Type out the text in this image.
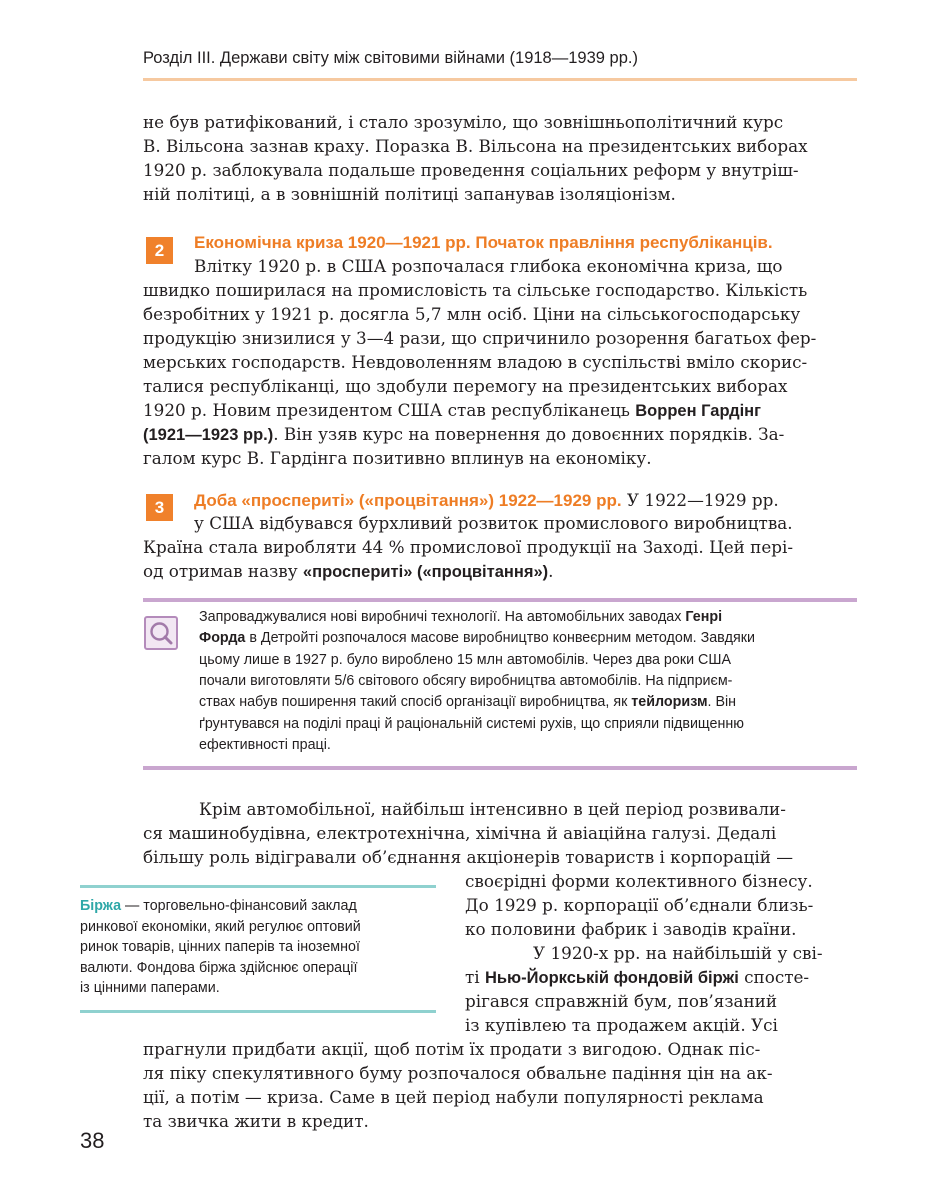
Розділ ІІІ. Держави світу між світовими війнами (1918—1939 рр.)
не був ратифікований, і стало зрозуміло, що зовнішньополітичний курс
В. Вільсона зазнав краху. Поразка В. Вільсона на президентських виборах
1920 р. заблокувала подальше проведення соціальних реформ у внутріш-
ній політиці, а в зовнішній політиці запанував ізоляціонізм.
2	Економічна криза 1920—1921 рр. Початок правління республіканців.
Влітку 1920 р. в США розпочалася глибока економічна криза, що
швидко поширилася на промисловість та сільське господарство. Кількість
безробітних у 1921 р. досягла 5,7 млн осіб. Ціни на сільськогосподарську
продукцію знизилися у 3—4 рази, що спричинило розорення багатьох фер-
мерських господарств. Невдоволенням владою в суспільстві вміло скорис-
талися республіканці, що здобули перемогу на президентських виборах
1920 р. Новим президентом США став республіканець Воррен Гардінг
(1921—1923 рр.). Він узяв курс на повернення до довоєнних порядків. За-
галом курс В. Гардінга позитивно вплинув на економіку.
3	Доба «проспериті» («процвітання») 1922—1929 рр. У 1922—1929 рр.
у США відбувався бурхливий розвиток промислового виробництва.
Країна стала виробляти 44 % промислової продукції на Заході. Цей пері-
од отримав назву «проспериті» («процвітання»).
Запроваджувалися нові виробничі технології. На автомобільних заводах Генрі
Форда в Детройті розпочалося масове виробництво конвеєрним методом. Завдяки
цьому лише в 1927 р. було вироблено 15 млн автомобілів. Через два роки США
почали виготовляти 5/6 світового обсягу виробництва автомобілів. На підприєм-
ствах набув поширення такий спосіб організації виробництва, як тейлоризм. Він
ґрунтувався на поділі праці й раціональній системі рухів, що сприяли підвищенню
ефективності праці.
Крім автомобільної, найбільш інтенсивно в цей період розвивали-
ся машинобудівна, електротехнічна, хімічна й авіаційна галузі. Дедалі
більшу роль відігравали об’єднання акціонерів товариств і корпорацій —
своєрідні форми колективного бізнесу.
До 1929 р. корпорації об’єднали близь-
ко половини фабрик і заводів країни.
У 1920-х рр. на найбільшій у сві-
ті Нью-Йоркській фондовій біржі спосте-
рігався справжній бум, пов’язаний
із купівлею та продажем акцій. Усі
прагнули придбати акції, щоб потім їх продати з вигодою. Однак піс-
ля піку спекулятивного буму розпочалося обвальне падіння цін на ак-
ції, а потім — криза. Саме в цей період набули популярності реклама
та звичка жити в кредит.
Біржа — торговельно-фінансовий заклад
ринкової економіки, який регулює оптовий
ринок товарів, цінних паперів та іноземної
валюти. Фондова біржа здійснює операції
із цінними паперами.
38
